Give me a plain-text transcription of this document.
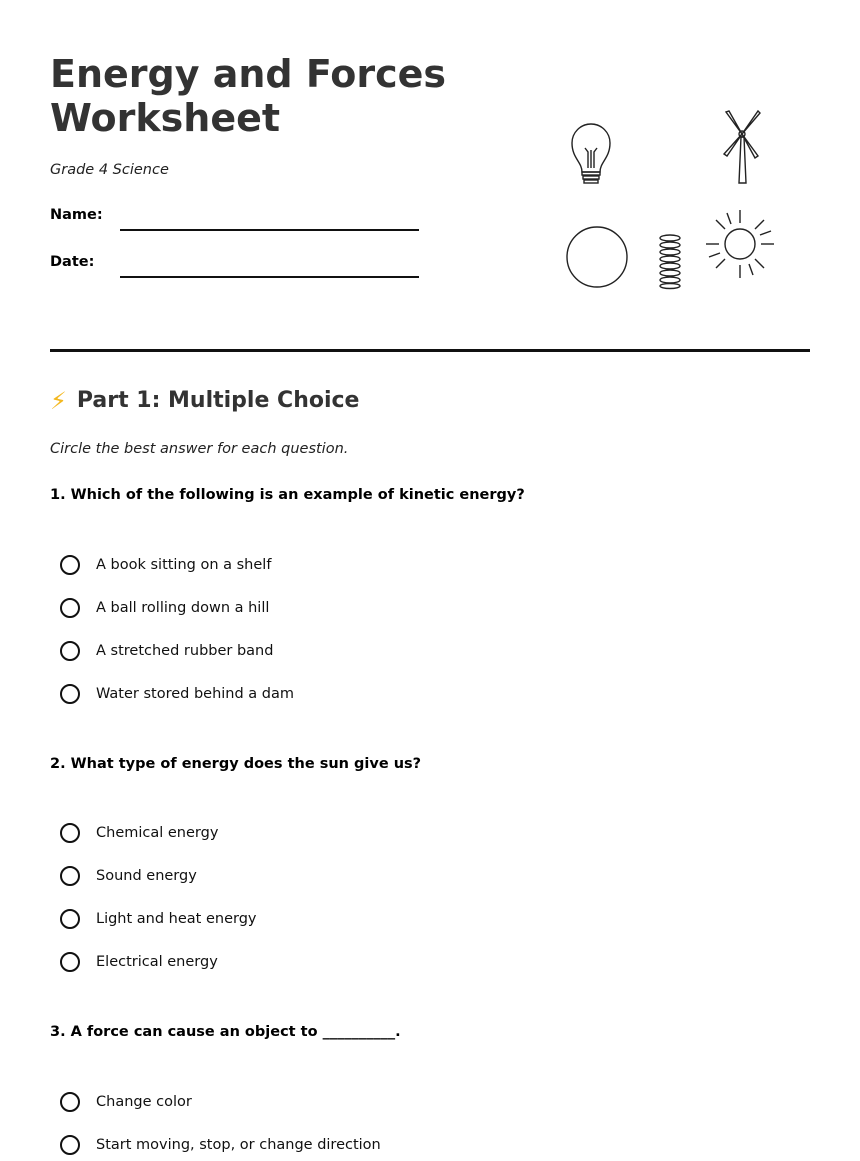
Energy and Forces Worksheet
Grade 4 Science
Name:
Date:
⚡ Part 1: Multiple Choice
Circle the best answer for each question.
1. Which of the following is an example of kinetic energy?
A book sitting on a shelf
A ball rolling down a hill
A stretched rubber band
Water stored behind a dam
2. What type of energy does the sun give us?
Chemical energy
Sound energy
Light and heat energy
Electrical energy
3. A force can cause an object to __________.
Change color
Start moving, stop, or change direction
